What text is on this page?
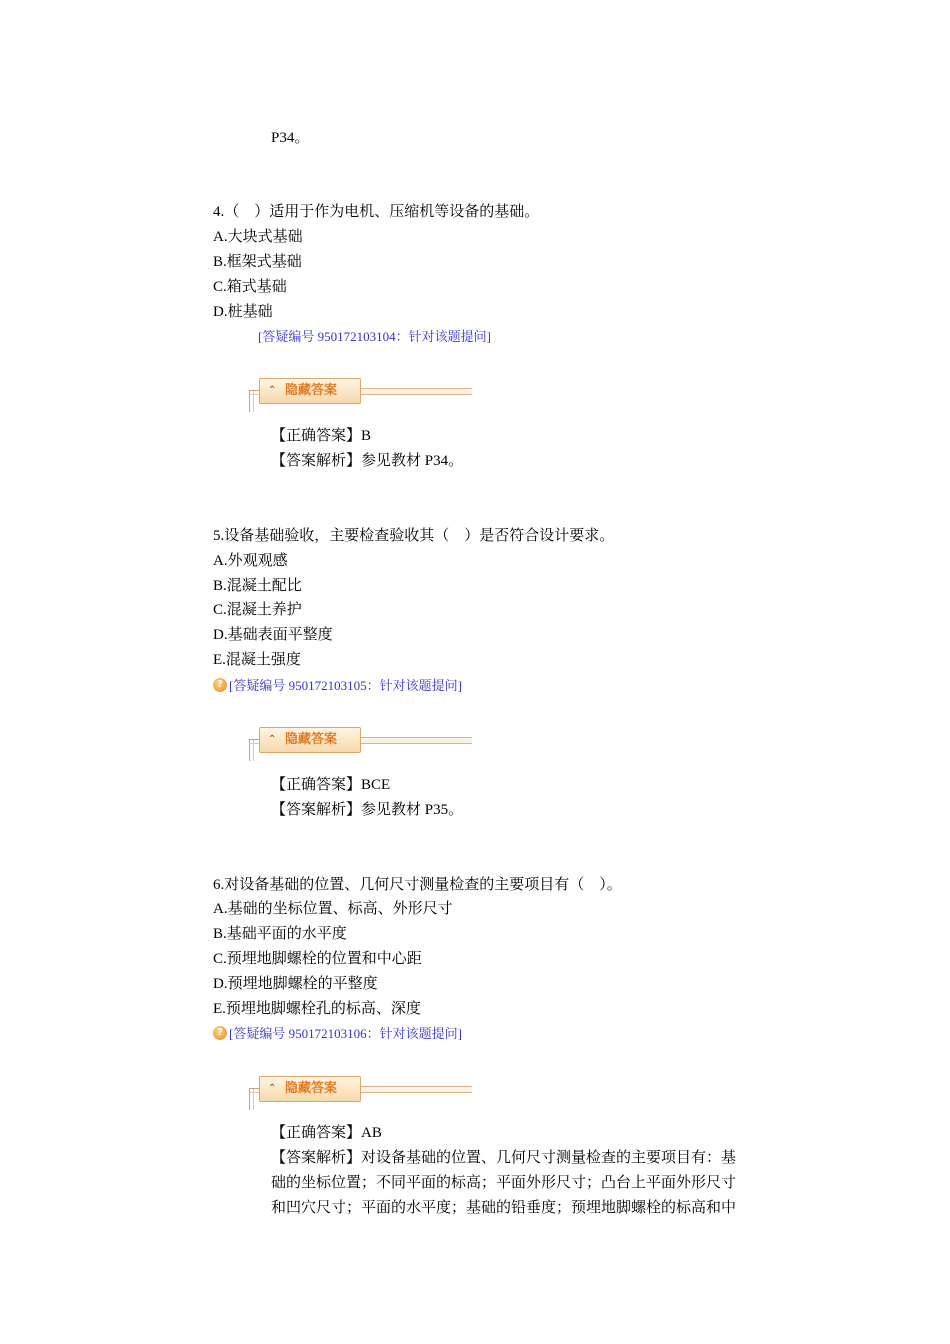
P34。
4.（　）适用于作为电机、压缩机等设备的基础。
A.大块式基础
B.框架式基础
C.箱式基础
D.桩基础
[答疑编号 950172103104：针对该题提问]
⌃ 隐藏答案
【正确答案】B
【答案解析】参见教材 P34。
5.设备基础验收，主要检查验收其（　）是否符合设计要求。
A.外观观感
B.混凝土配比
C.混凝土养护
D.基础表面平整度
E.混凝土强度
? [答疑编号 950172103105：针对该题提问]
⌃ 隐藏答案
【正确答案】BCE
【答案解析】参见教材 P35。
6.对设备基础的位置、几何尺寸测量检查的主要项目有（　）。
A.基础的坐标位置、标高、外形尺寸
B.基础平面的水平度
C.预埋地脚螺栓的位置和中心距
D.预埋地脚螺栓的平整度
E.预埋地脚螺栓孔的标高、深度
? [答疑编号 950172103106：针对该题提问]
⌃ 隐藏答案
【正确答案】AB
【答案解析】对设备基础的位置、几何尺寸测量检查的主要项目有：基
础的坐标位置；不同平面的标高；平面外形尺寸；凸台上平面外形尺寸
和凹穴尺寸；平面的水平度；基础的铅垂度；预埋地脚螺栓的标高和中
